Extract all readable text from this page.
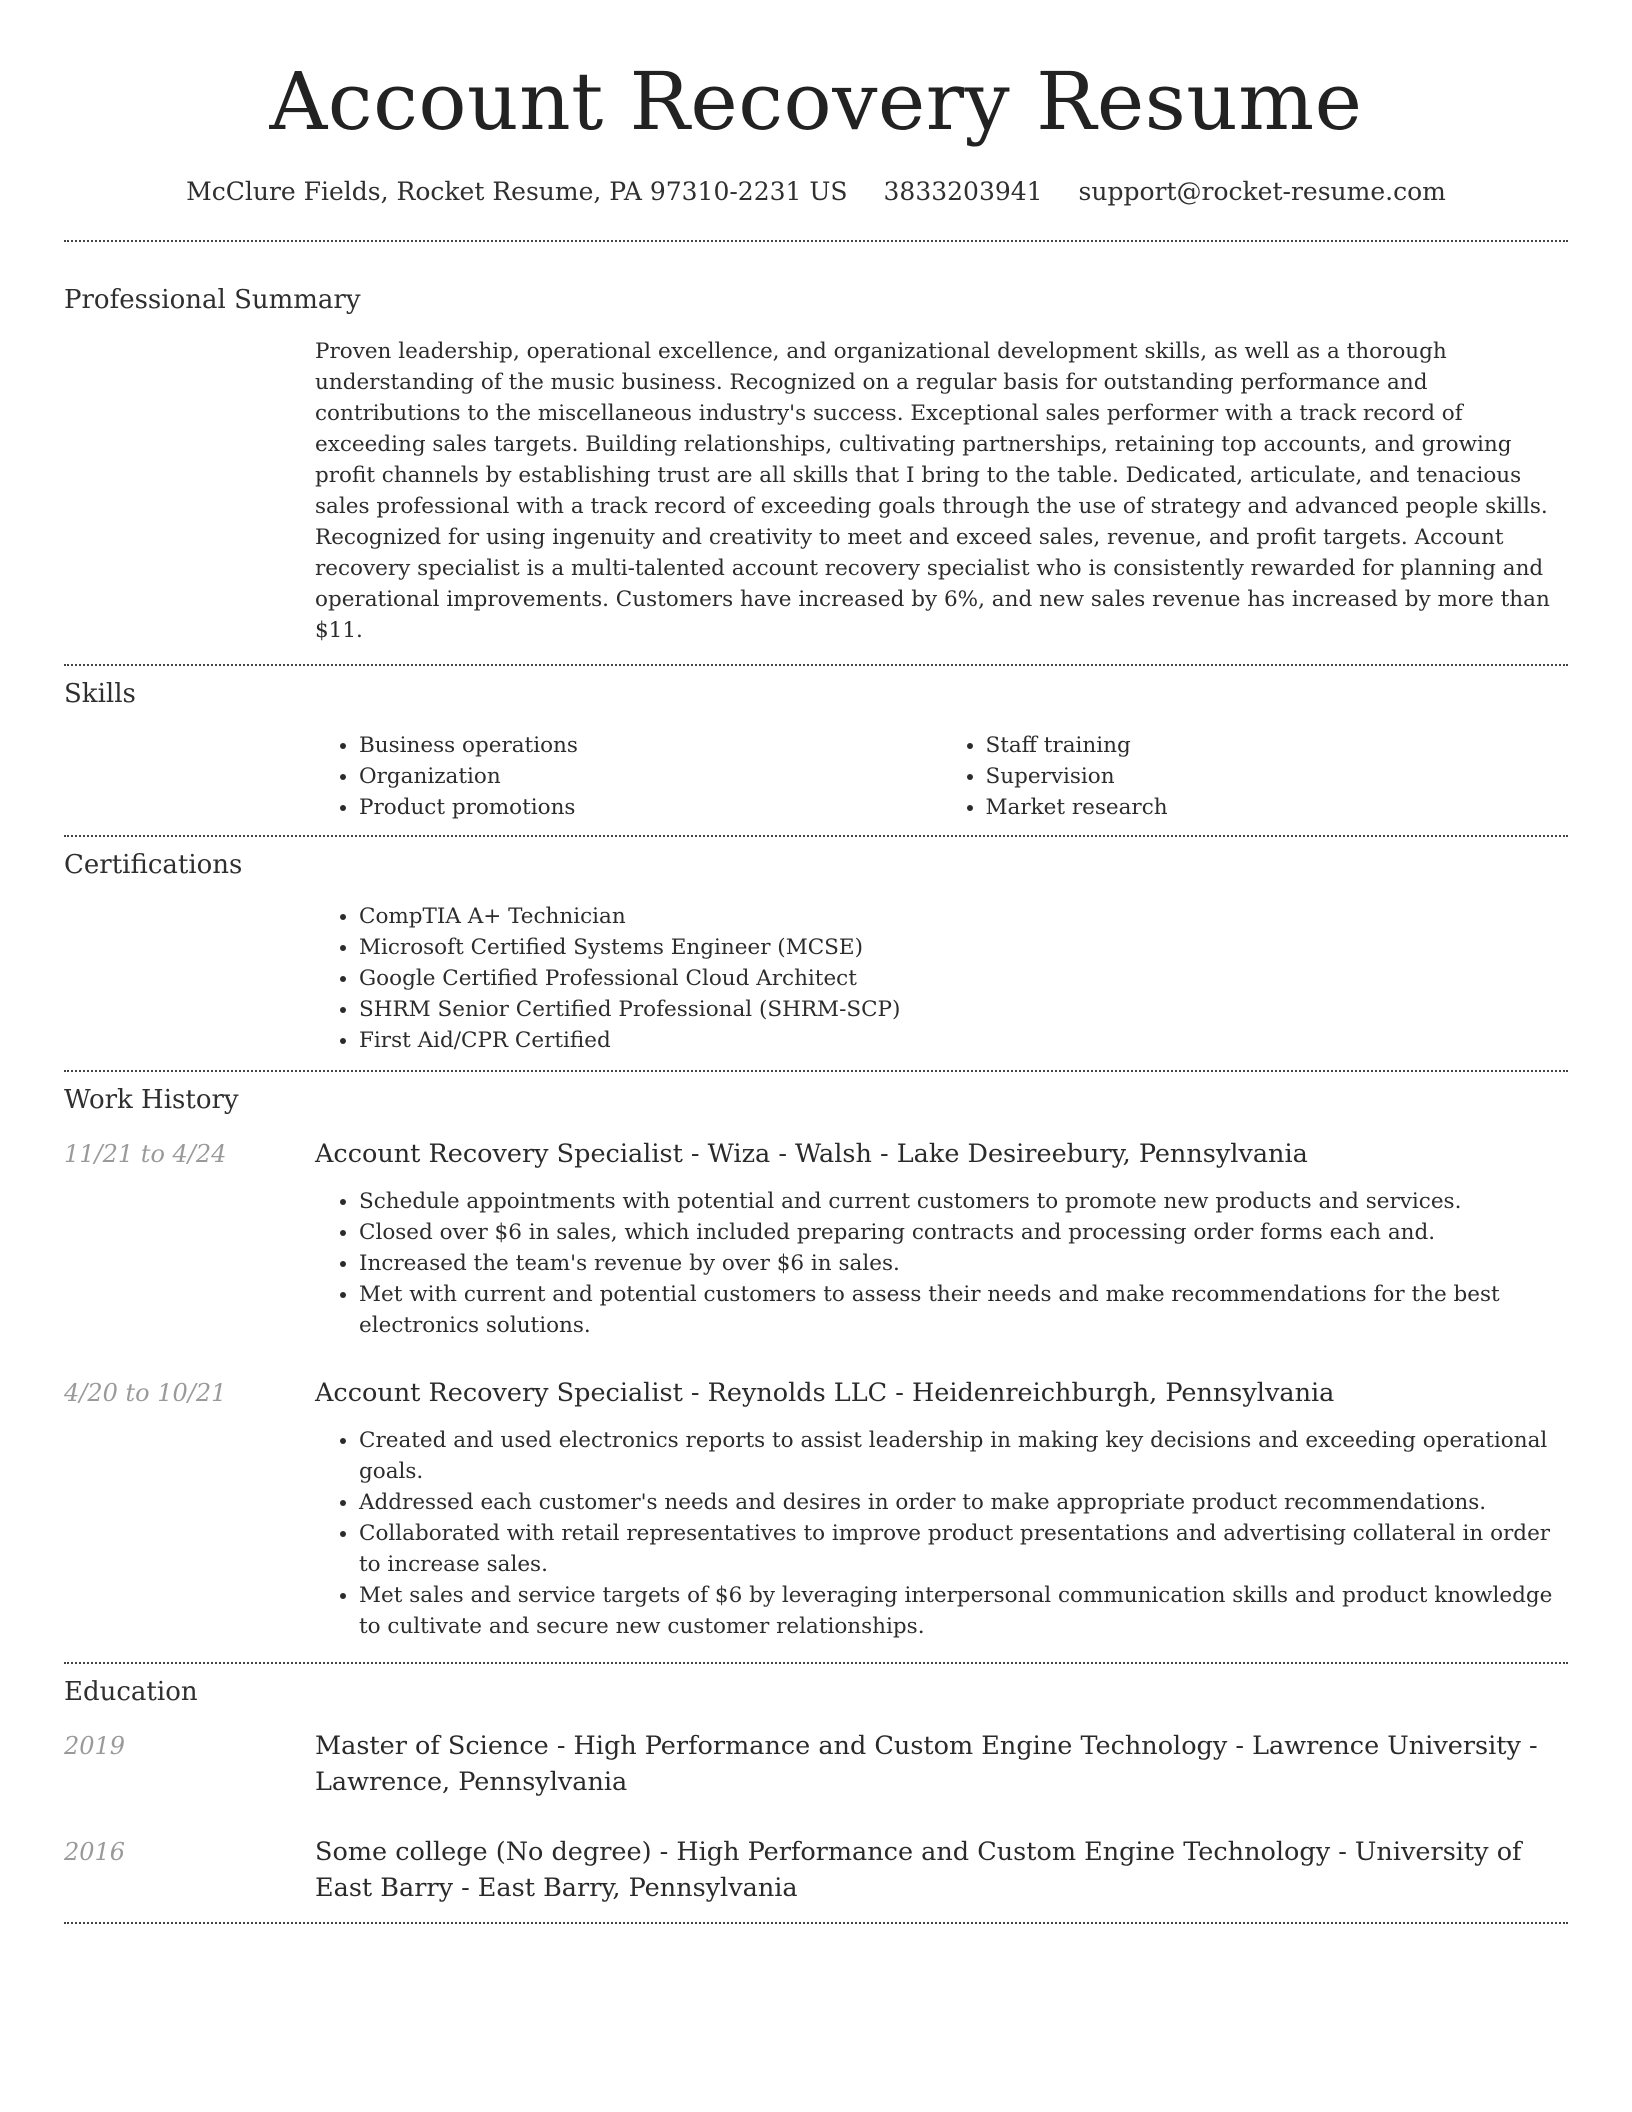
Account Recovery Resume
McClure Fields, Rocket Resume, PA 97310-2231 US 3833203941 support@rocket-resume.com
Professional Summary
Proven leadership, operational excellence, and organizational development skills, as well as a thorough understanding of the music business. Recognized on a regular basis for outstanding performance and contributions to the miscellaneous industry's success. Exceptional sales performer with a track record of exceeding sales targets. Building relationships, cultivating partnerships, retaining top accounts, and growing profit channels by establishing trust are all skills that I bring to the table. Dedicated, articulate, and tenacious sales professional with a track record of exceeding goals through the use of strategy and advanced people skills. Recognized for using ingenuity and creativity to meet and exceed sales, revenue, and profit targets. Account recovery specialist is a multi-talented account recovery specialist who is consistently rewarded for planning and operational improvements. Customers have increased by 6%, and new sales revenue has increased by more than $11.
Skills
• Business operations
• Organization
• Product promotions
• Staff training
• Supervision
• Market research
Certifications
• CompTIA A+ Technician
• Microsoft Certified Systems Engineer (MCSE)
• Google Certified Professional Cloud Architect
• SHRM Senior Certified Professional (SHRM-SCP)
• First Aid/CPR Certified
Work History
11/21 to 4/24	Account Recovery Specialist - Wiza - Walsh - Lake Desireebury, Pennsylvania
• Schedule appointments with potential and current customers to promote new products and services.
• Closed over $6 in sales, which included preparing contracts and processing order forms each and.
• Increased the team's revenue by over $6 in sales.
• Met with current and potential customers to assess their needs and make recommendations for the best electronics solutions.
4/20 to 10/21	Account Recovery Specialist - Reynolds LLC - Heidenreichburgh, Pennsylvania
• Created and used electronics reports to assist leadership in making key decisions and exceeding operational goals.
• Addressed each customer's needs and desires in order to make appropriate product recommendations.
• Collaborated with retail representatives to improve product presentations and advertising collateral in order to increase sales.
• Met sales and service targets of $6 by leveraging interpersonal communication skills and product knowledge to cultivate and secure new customer relationships.
Education
2019	Master of Science - High Performance and Custom Engine Technology - Lawrence University - Lawrence, Pennsylvania
2016	Some college (No degree) - High Performance and Custom Engine Technology - University of East Barry - East Barry, Pennsylvania
